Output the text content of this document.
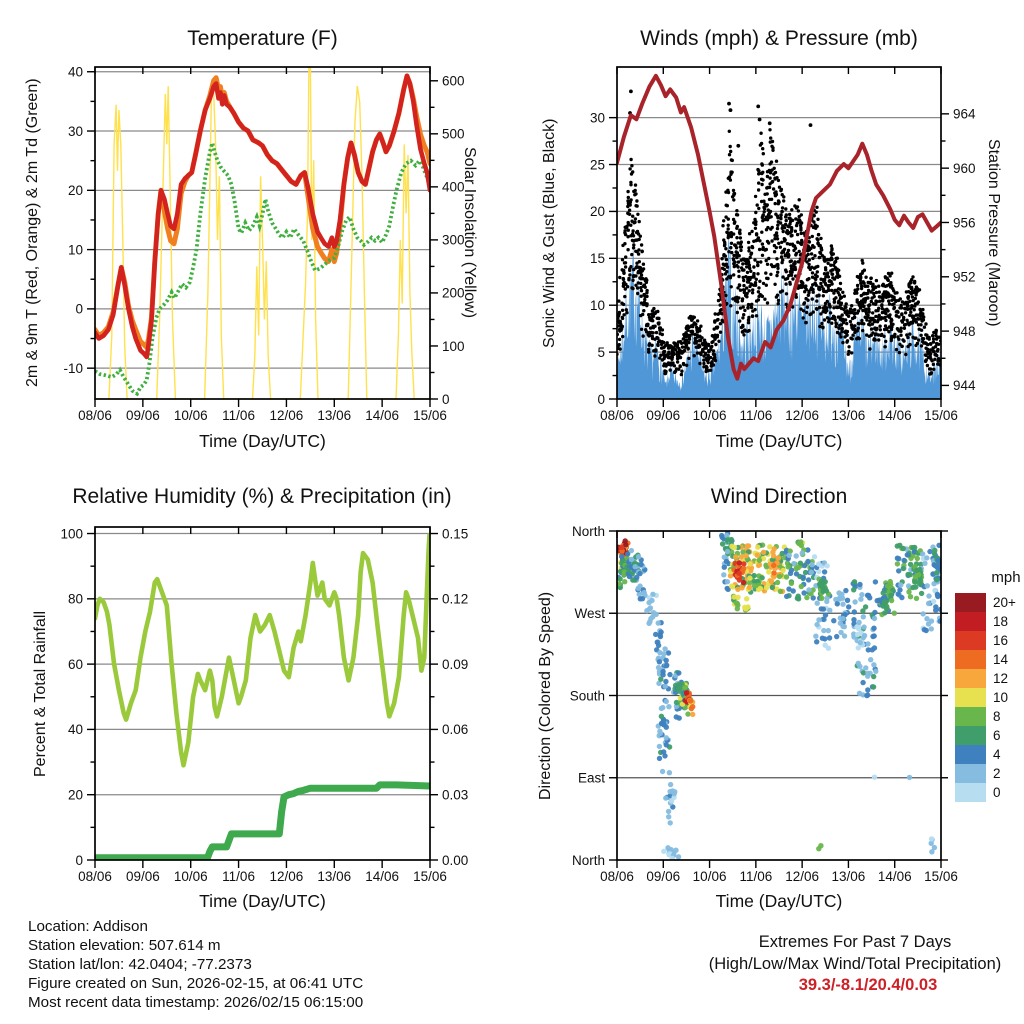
08/06 09/06 10/06 11/06 12/06 13/06 14/06 15/06
40
30
20
10
0
-10
600
500
400
300
200
100
0
08/06 09/06 10/06 11/06 12/06 13/06 14/06 15/06
30
25
20
15
10
5
0
964
960
956
952
948
944
08/06 09/06 10/06 11/06 12/06 13/06 14/06 15/06
100
80
60
40
20
0
0.15
0.12
0.09
0.06
0.03
0.00
mph
20+
18
16
14
12
10
8
6
4
2
0
08/06 09/06 10/06 11/06 12/06 13/06 14/06 15/06
North
West
South
East
North
Temperature (F)	Winds (mph) & Pressure (mb)
Relative Humidity (%) & Precipitation (in)	Wind Direction
2m & 9m T (Red, Orange) & 2m Td (Green)	Solar Insolation (Yellow)	Sonic Wind & Gust (Blue, Black)	Station Pressure (Maroon)
Percent & Total Rainfall	Direction (Colored By Speed)
Time (Day/UTC)	Time (Day/UTC)
Time (Day/UTC)	Time (Day/UTC)
Location: Addison
Station elevation: 507.614 m
Station lat/lon: 42.0404; -77.2373
Figure created on Sun, 2026-02-15, at 06:41 UTC
Most recent data timestamp: 2026/02/15 06:15:00
Extremes For Past 7 Days
(High/Low/Max Wind/Total Precipitation)
39.3/-8.1/20.4/0.03
